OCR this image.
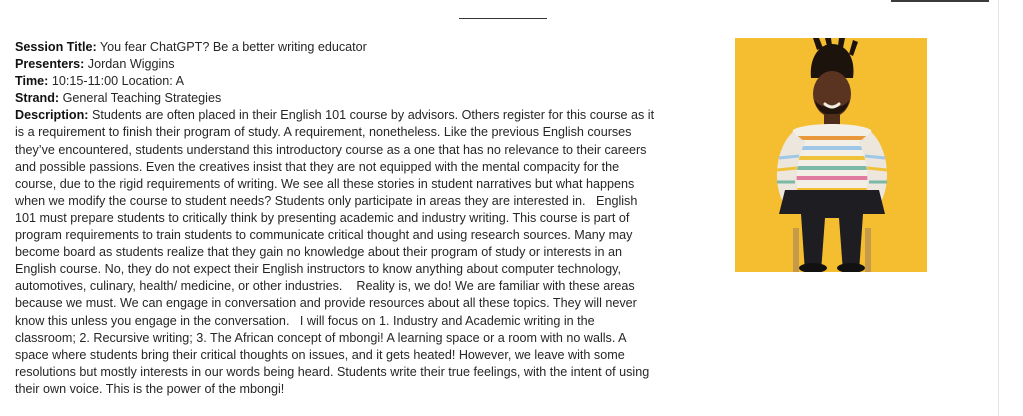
Session Title: You fear ChatGPT? Be a better writing educator

Presenters: Jordan Wiggins

Time: 10:15-11:00 Location: A

Strand: General Teaching Strategies

Description: Students are often placed in their English 101 course by advisors. Others register for this course as it is a requirement to finish their program of study. A requirement, nonetheless. Like the previous English courses they’ve encountered, students understand this introductory course as a one that has no relevance to their careers and possible passions. Even the creatives insist that they are not equipped with the mental compacity for the course, due to the rigid requirements of writing. We see all these stories in student narratives but what happens when we modify the course to student needs? Students only participate in areas they are interested in.   English 101 must prepare students to critically think by presenting academic and industry writing. This course is part of program requirements to train students to communicate critical thought and using research sources. Many may become board as students realize that they gain no knowledge about their program of study or interests in an English course. No, they do not expect their English instructors to know anything about computer technology, automotives, culinary, health/ medicine, or other industries.    Reality is, we do! We are familiar with these areas because we must. We can engage in conversation and provide resources about all these topics. They will never know this unless you engage in the conversation.   I will focus on 1. Industry and Academic writing in the classroom; 2. Recursive writing; 3. The African concept of mbongi! A learning space or a room with no walls. A space where students bring their critical thoughts on issues, and it gets heated! However, we leave with some resolutions but mostly interests in our words being heard. Students write their true feelings, with the intent of using their own voice. This is the power of the mbongi!
